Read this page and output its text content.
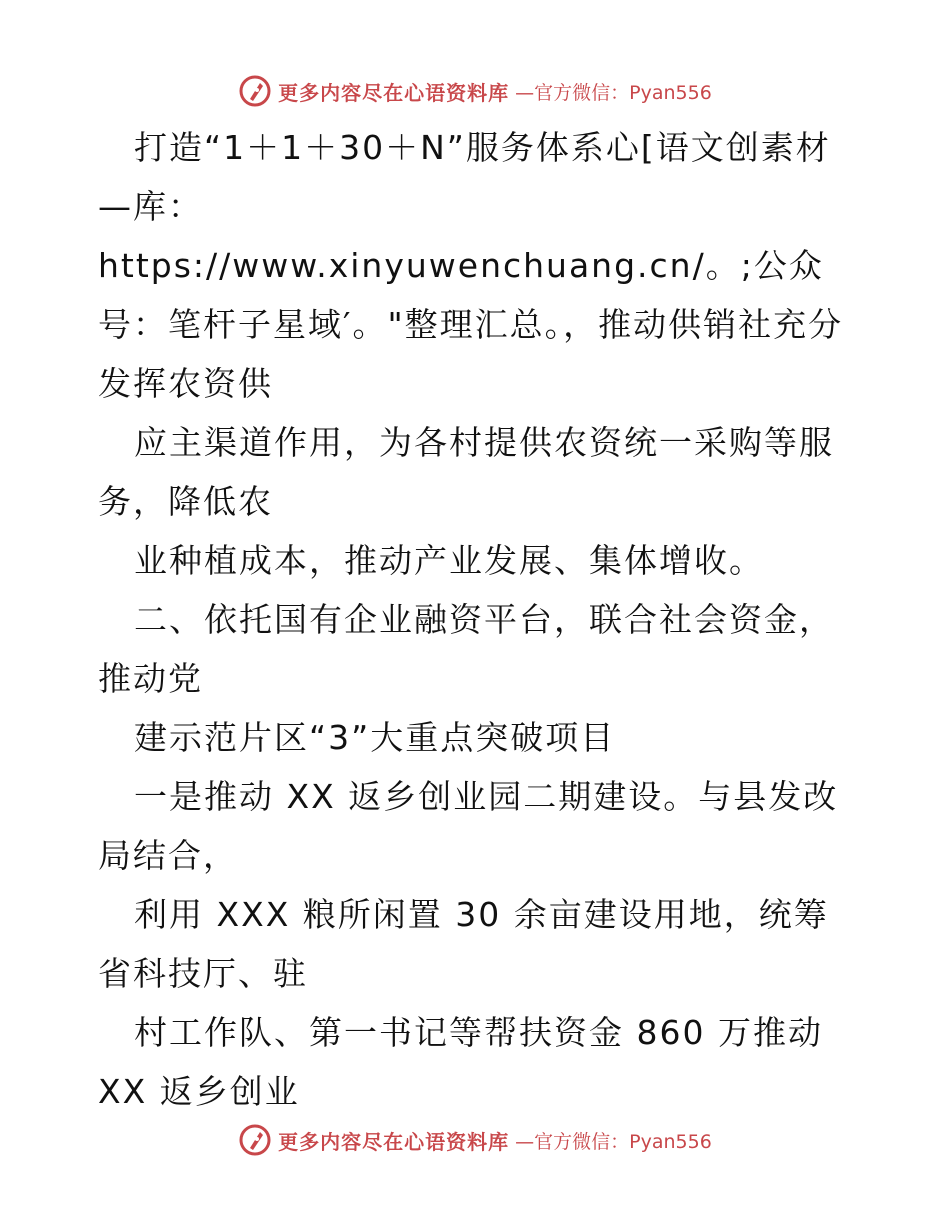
更多内容尽在心语资料库 —官方微信：Pyan556

打造“1＋1＋30＋N”服务体系心[语文创素材—库：https://www.xinyuwenchuang.cn/。;公众号：笔杆子星域′。"整理汇总。，推动供销社充分发挥农资供

应主渠道作用，为各村提供农资统一采购等服务，降低农

业种植成本，推动产业发展、集体增收。

二、依托国有企业融资平台，联合社会资金，推动党

建示范片区“3”大重点突破项目

一是推动 XX 返乡创业园二期建设。与县发改局结合，

利用 XXX 粮所闲置 30 余亩建设用地，统筹省科技厅、驻

村工作队、第一书记等帮扶资金 860 万推动 XX 返乡创业

更多内容尽在心语资料库 —官方微信：Pyan556
